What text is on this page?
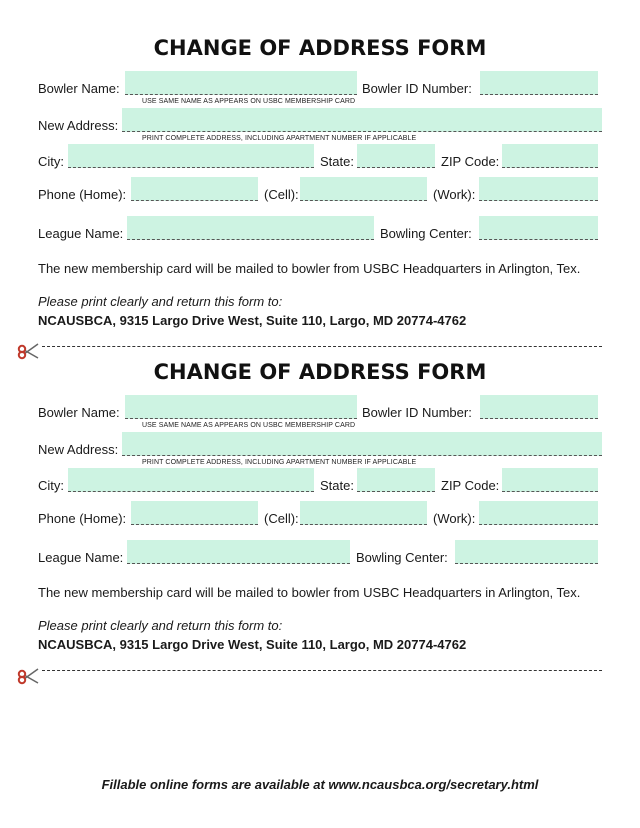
CHANGE OF ADDRESS FORM
Bowler Name:	Bowler ID Number:
USE SAME NAME AS APPEARS ON USBC MEMBERSHIP CARD
New Address:
PRINT COMPLETE ADDRESS, INCLUDING APARTMENT NUMBER IF APPLICABLE
City:	State:	ZIP Code:
Phone (Home):	(Cell):	(Work):
League Name:	Bowling Center:
The new membership card will be mailed to bowler from USBC Headquarters in Arlington, Tex.
Please print clearly and return this form to:
NCAUSBCA, 9315 Largo Drive West, Suite 110, Largo, MD 20774-4762
CHANGE OF ADDRESS FORM
Bowler Name:	Bowler ID Number:
USE SAME NAME AS APPEARS ON USBC MEMBERSHIP CARD
New Address:
PRINT COMPLETE ADDRESS, INCLUDING APARTMENT NUMBER IF APPLICABLE
City:	State:	ZIP Code:
Phone (Home):	(Cell):	(Work):
League Name:	Bowling Center:
The new membership card will be mailed to bowler from USBC Headquarters in Arlington, Tex.
Please print clearly and return this form to:
NCAUSBCA, 9315 Largo Drive West, Suite 110, Largo, MD 20774-4762
Fillable online forms are available at www.ncausbca.org/secretary.html
